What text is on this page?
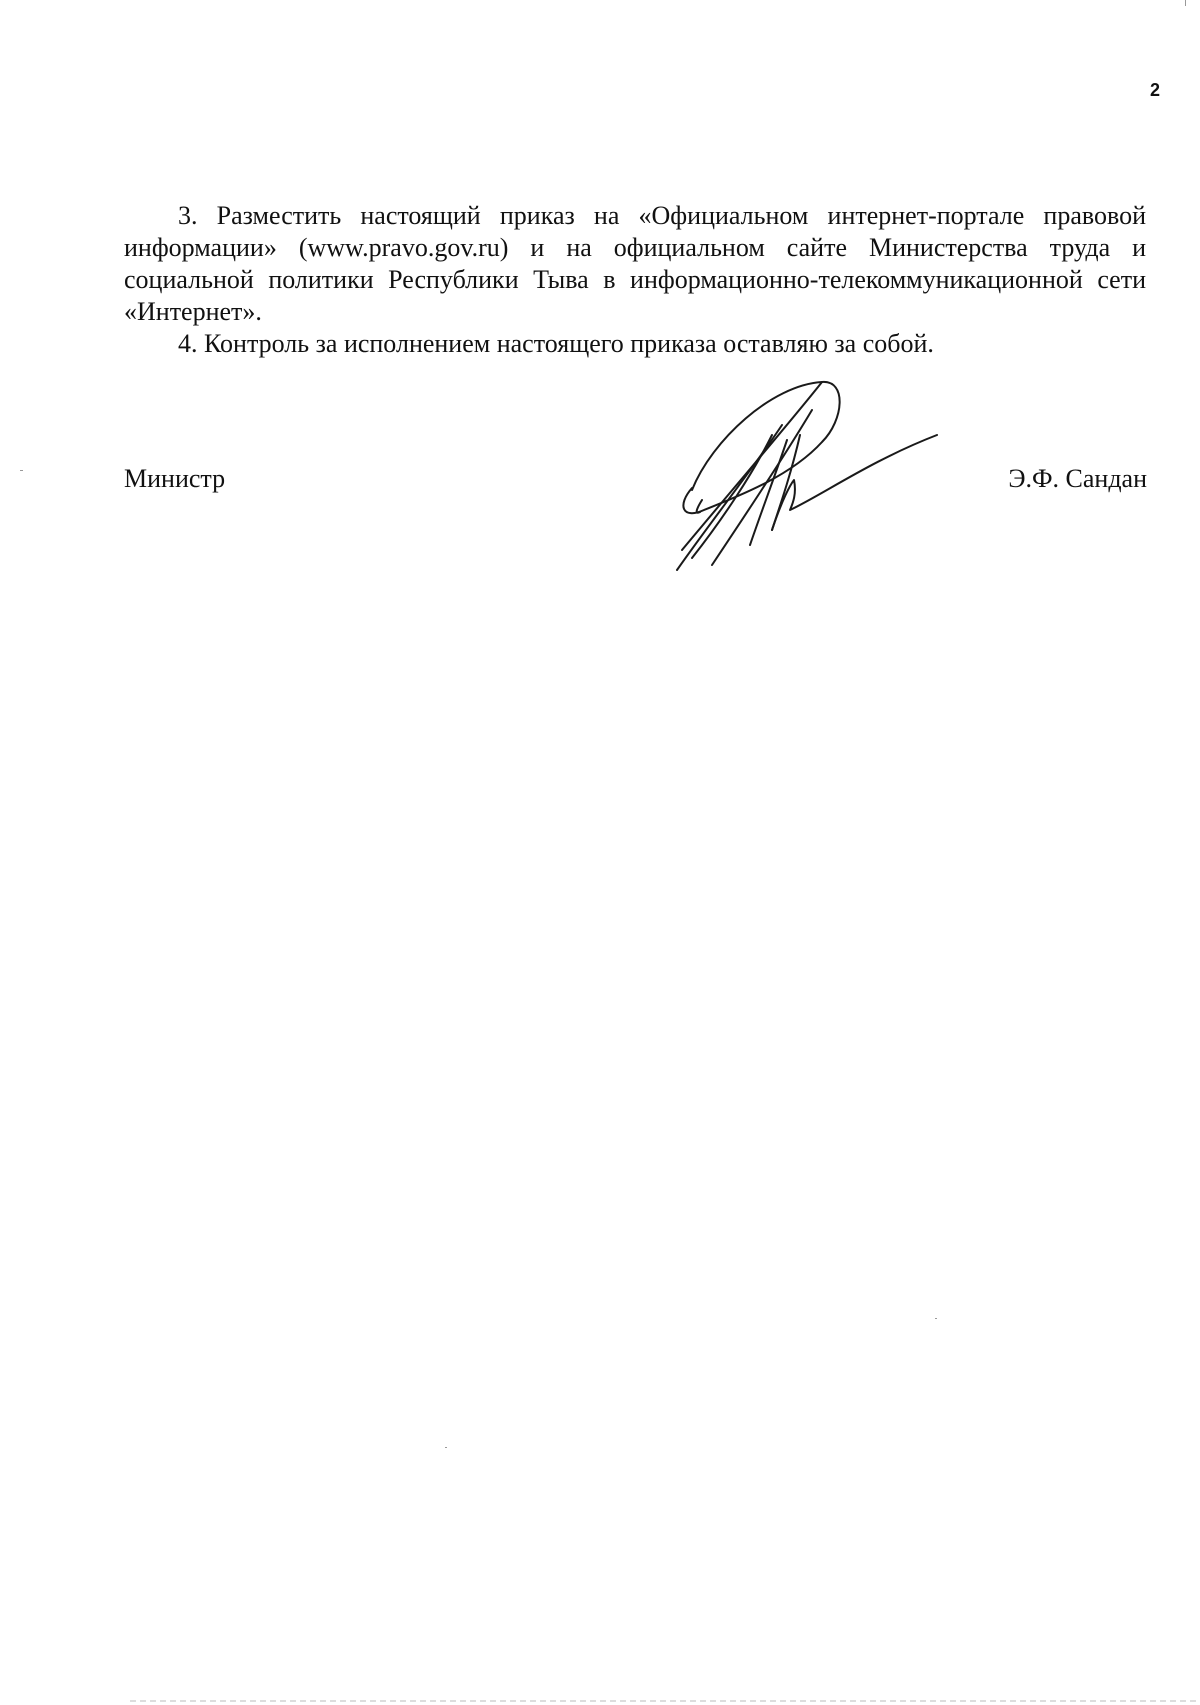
2

3. Разместить настоящий приказ на «Официальном интернет-портале правовой информации» (www.pravo.gov.ru) и на официальном сайте Министерства труда и социальной политики Республики Тыва в информационно-телекоммуникационной сети «Интернет».

4. Контроль за исполнением настоящего приказа оставляю за собой.

Министр	Э.Ф. Сандан
